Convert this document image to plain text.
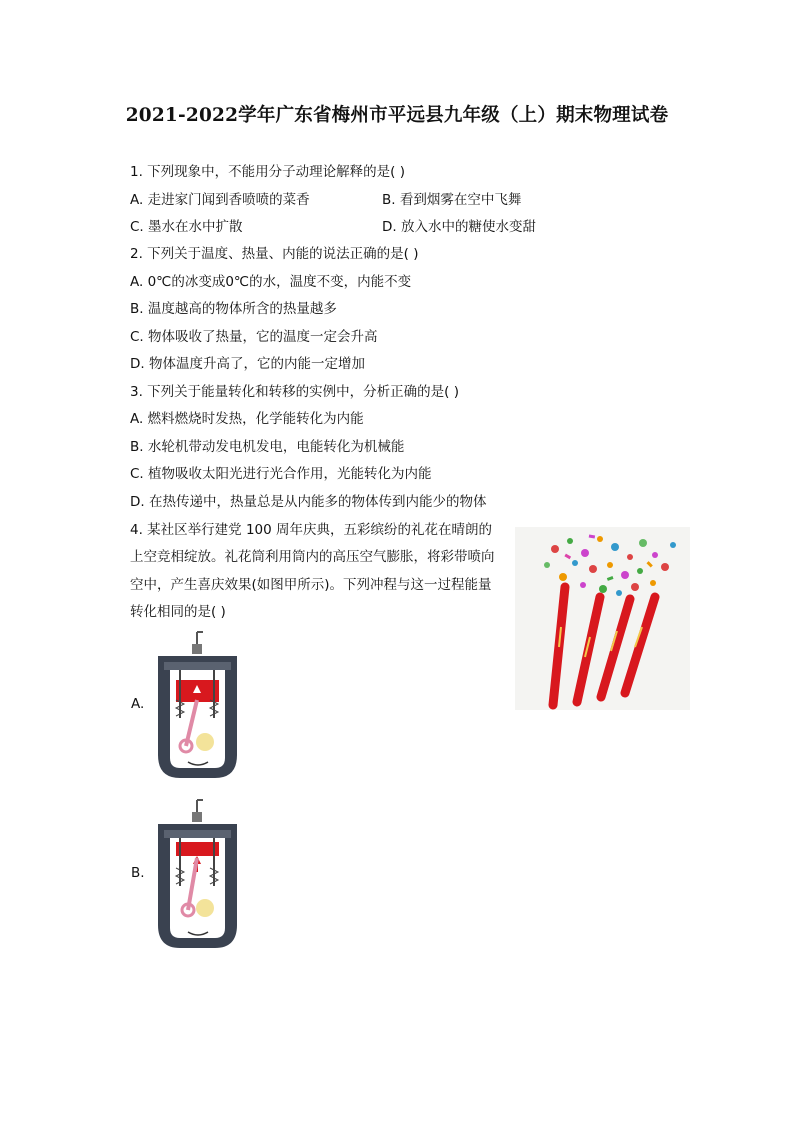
2021-2022学年广东省梅州市平远县九年级（上）期末物理试卷
1. 下列现象中，不能用分子动理论解释的是( )
A. 走进家门闻到香喷喷的菜香	B. 看到烟雾在空中飞舞
C. 墨水在水中扩散	D. 放入水中的糖使水变甜
2. 下列关于温度、热量、内能的说法正确的是( )
A. 0℃的冰变成0℃的水，温度不变，内能不变
B. 温度越高的物体所含的热量越多
C. 物体吸收了热量，它的温度一定会升高
D. 物体温度升高了，它的内能一定增加
3. 下列关于能量转化和转移的实例中，分析正确的是( )
A. 燃料燃烧时发热，化学能转化为内能
B. 水轮机带动发电机发电，电能转化为机械能
C. 植物吸收太阳光进行光合作用，光能转化为内能
D. 在热传递中，热量总是从内能多的物体传到内能少的物体
4. 某社区举行建党 100 周年庆典，五彩缤纷的礼花在晴朗的
上空竞相绽放。礼花筒利用筒内的高压空气膨胀，将彩带喷向
空中，产生喜庆效果(如图甲所示)。下列冲程与这一过程能量
转化相同的是( )
A.
B.
